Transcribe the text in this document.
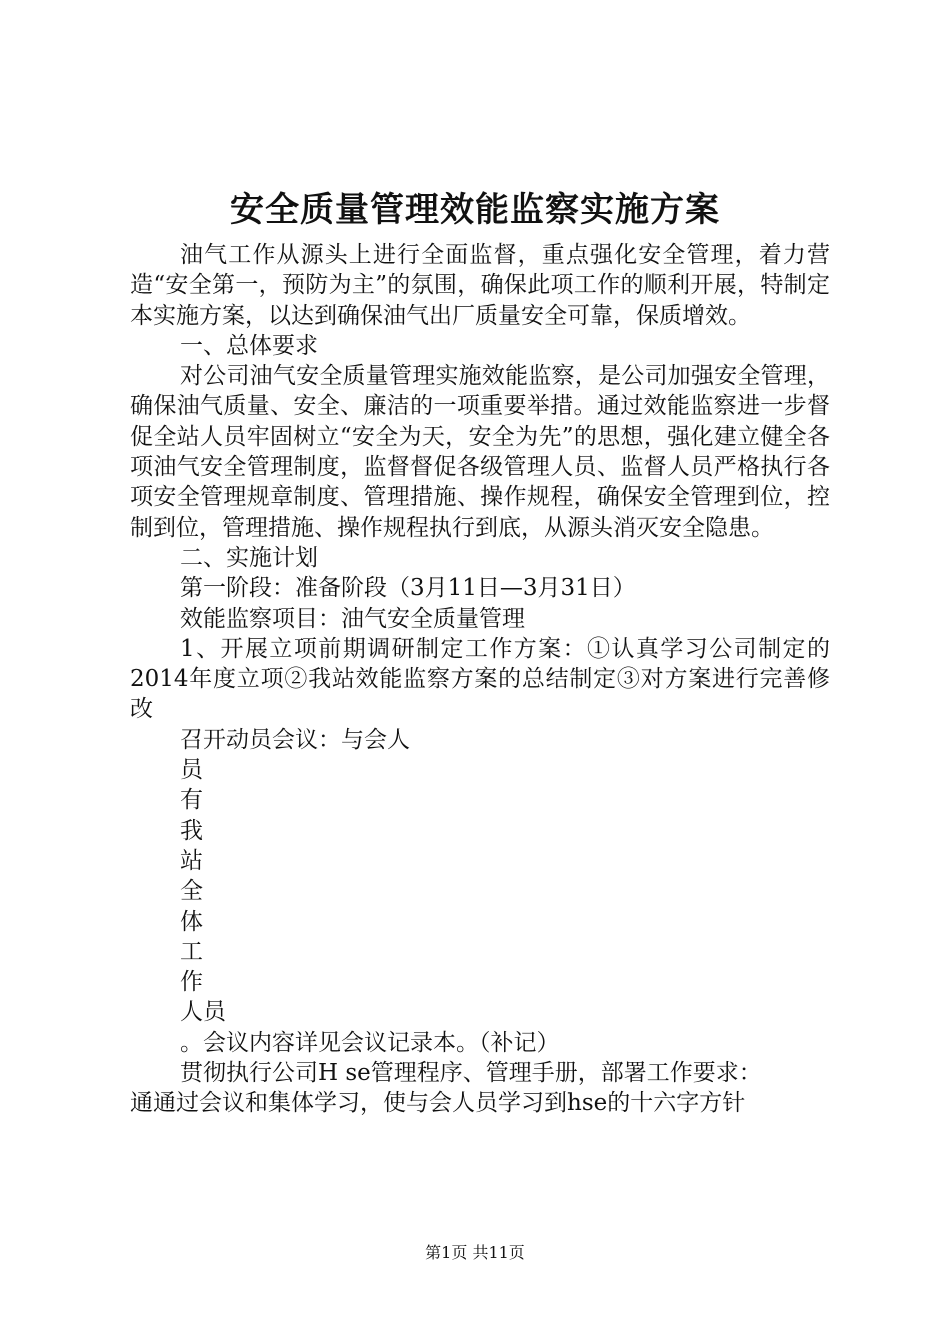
安全质量管理效能监察实施方案

油气工作从源头上进行全面监督，重点强化安全管理，着力营造“安全第一，预防为主”的氛围，确保此项工作的顺利开展，特制定本实施方案，以达到确保油气出厂质量安全可靠，保质增效。

一、总体要求

对公司油气安全质量管理实施效能监察，是公司加强安全管理，确保油气质量、安全、廉洁的一项重要举措。通过效能监察进一步督促全站人员牢固树立“安全为天，安全为先”的思想，强化建立健全各项油气安全管理制度，监督督促各级管理人员、监督人员严格执行各项安全管理规章制度、管理措施、操作规程，确保安全管理到位，控制到位，管理措施、操作规程执行到底，从源头消灭安全隐患。

二、实施计划

第一阶段：准备阶段（3月11日—3月31日）

效能监察项目：油气安全质量管理

1、开展立项前期调研制定工作方案：①认真学习公司制定的2014年度立项②我站效能监察方案的总结制定③对方案进行完善修改

召开动员会议：与会人

员

有

我

站

全

体

工

作

人员

。会议内容详见会议记录本。（补记）

贯彻执行公司H se管理程序、管理手册，部署工作要求：

通通过会议和集体学习，使与会人员学习到hse的十六字方针

第1页 共11页
